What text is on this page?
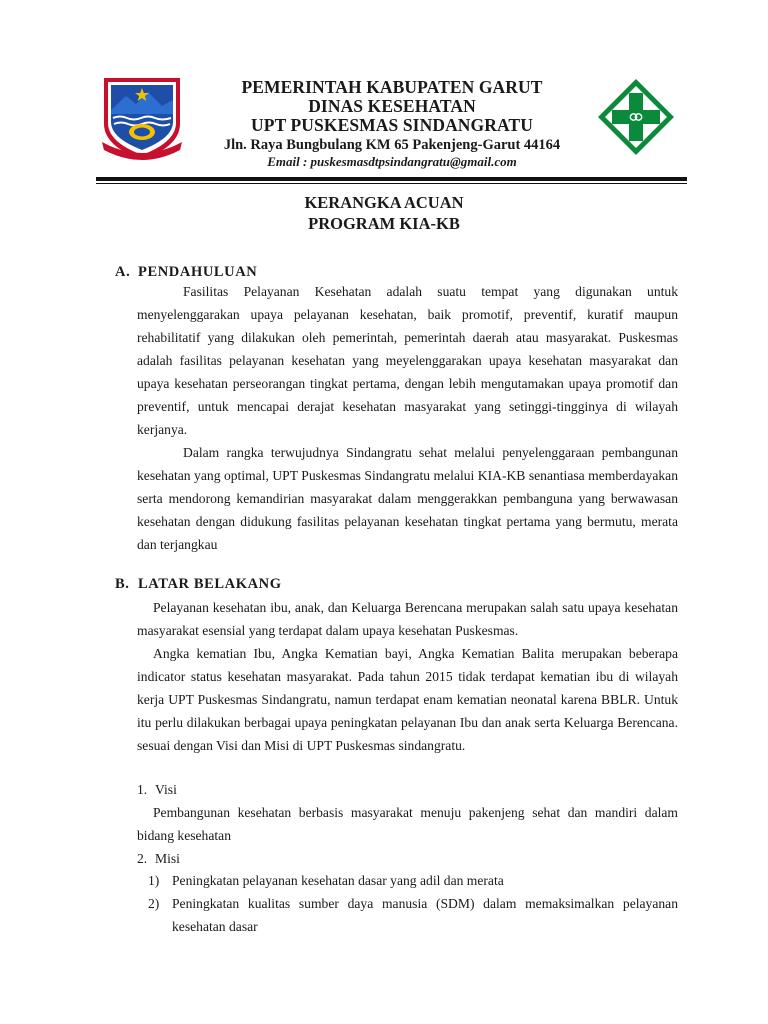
PEMERINTAH KABUPATEN GARUT
DINAS KESEHATAN
UPT PUSKESMAS SINDANGRATU
Jln. Raya Bungbulang KM 65 Pakenjeng-Garut 44164
Email : puskesmasdtpsindangratu@gmail.com
KERANGKA ACUAN
PROGRAM KIA-KB
A. PENDAHULUAN

Fasilitas Pelayanan Kesehatan adalah suatu tempat yang digunakan untuk menyelenggarakan upaya pelayanan kesehatan, baik promotif, preventif, kuratif maupun rehabilitatif yang dilakukan oleh pemerintah, pemerintah daerah atau masyarakat. Puskesmas adalah fasilitas pelayanan kesehatan yang meyelenggarakan upaya kesehatan masyarakat dan upaya kesehatan perseorangan tingkat pertama, dengan lebih mengutamakan upaya promotif dan preventif, untuk mencapai derajat kesehatan masyarakat yang setinggi-tingginya di wilayah kerjanya.

Dalam rangka terwujudnya Sindangratu sehat melalui penyelenggaraan pembangunan kesehatan yang optimal, UPT Puskesmas Sindangratu melalui KIA-KB senantiasa memberdayakan serta mendorong kemandirian masyarakat dalam menggerakkan pembanguna yang berwawasan kesehatan dengan didukung fasilitas pelayanan kesehatan tingkat pertama yang bermutu, merata dan terjangkau

B. LATAR BELAKANG

Pelayanan kesehatan ibu, anak, dan Keluarga Berencana merupakan salah satu upaya kesehatan masyarakat esensial yang terdapat dalam upaya kesehatan Puskesmas.

Angka kematian Ibu, Angka Kematian bayi, Angka Kematian Balita merupakan beberapa indicator status kesehatan masyarakat. Pada tahun 2015 tidak terdapat kematian ibu di wilayah kerja UPT Puskesmas Sindangratu, namun terdapat enam kematian neonatal karena BBLR. Untuk itu perlu dilakukan berbagai upaya peningkatan pelayanan Ibu dan anak serta Keluarga Berencana. sesuai dengan Visi dan Misi di UPT Puskesmas sindangratu.

1. Visi

Pembangunan kesehatan berbasis masyarakat menuju pakenjeng sehat dan mandiri dalam bidang kesehatan

2. Misi
1) Peningkatan pelayanan kesehatan dasar yang adil dan merata
2) Peningkatan kualitas sumber daya manusia (SDM) dalam memaksimalkan pelayanan kesehatan dasar
